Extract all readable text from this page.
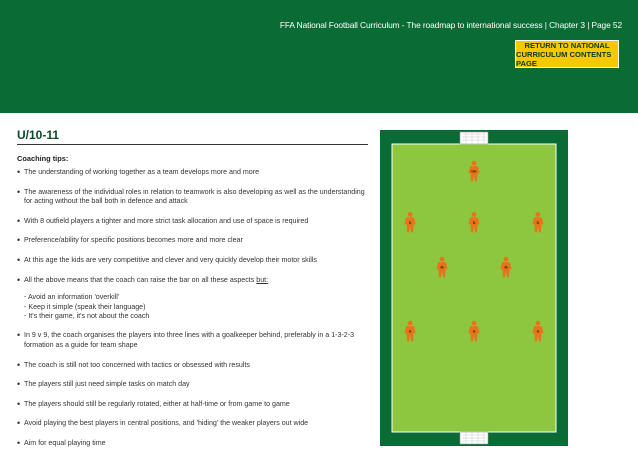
FFA National Football Curriculum - The roadmap to international success | Chapter 3 | Page 52
RETURN TO NATIONAL
CURRICULUM CONTENTS PAGE
U/10-11
Coaching tips:
• The understanding of working together as a team develops more and more
• The awareness of the individual roles in relation to teamwork is also developing as well as the understanding for acting without the ball both in defence and attack
• With 8 outfield players a tighter and more strict task allocation and use of space is required
• Preference/ability for specific positions becomes more and more clear
• At this age the kids are very competitive and clever and very quickly develop their motor skills
• All the above means that the coach can raise the bar on all these aspects but:
- Avoid an information 'overkill'
- Keep it simple (speak their language)
- It's their game, it's not about the coach
• In 9 v 9, the coach organises the players into three lines with a goalkeeper behind, preferably in a 1-3-2-3 formation as a guide for team shape
• The coach is still not too concerned with tactics or obsessed with results
• The players still just need simple tasks on match day
• The players should still be regularly rotated, either at half-time or from game to game
• Avoid playing the best players in central positions, and 'hiding' the weaker players out wide
• Aim for equal playing time
GK
D	D	D
M	M
A	A	A
